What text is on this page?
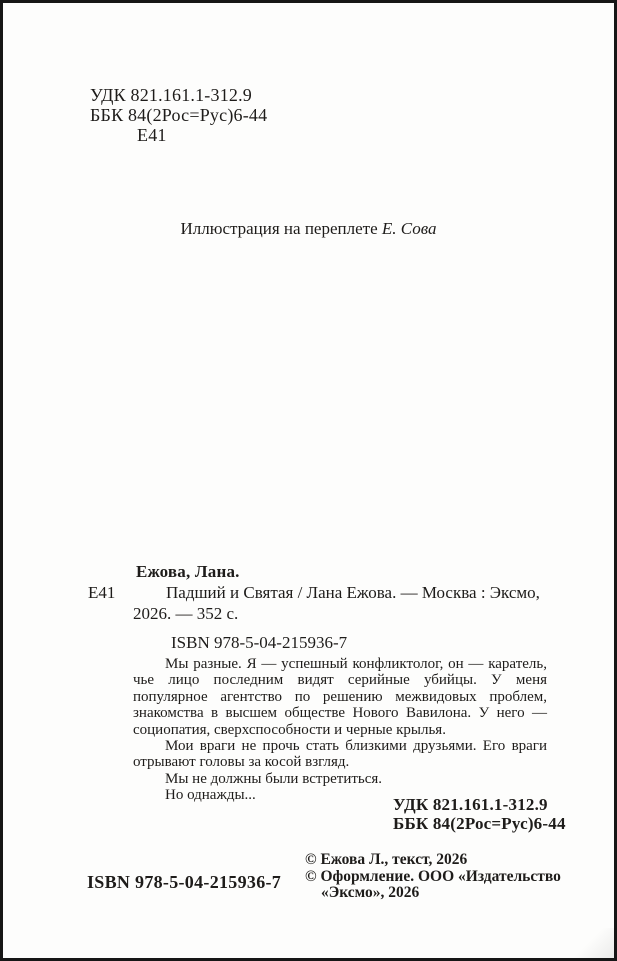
УДК 821.161.1-312.9
ББК 84(2Рос=Рус)6-44
Е41
Иллюстрация на переплете Е. Сова
Ежова, Лана.
Е41	Падший и Святая / Лана Ежова. — Москва : Эксмо, 2026. — 352 с.
ISBN 978-5-04-215936-7

Мы разные. Я — успешный конфликтолог, он — каратель, чье лицо последним видят серийные убийцы. У меня популярное агентство по решению межвидовых проблем, знакомства в высшем обществе Нового Вавилона. У него — социопатия, сверхспособности и черные крылья.

Мои враги не прочь стать близкими друзьями. Его враги отрывают головы за косой взгляд.

Мы не должны были встретиться.

Но однажды...	УДК 821.161.1-312.9
ББК 84(2Рос=Рус)6-44
© Ежова Л., текст, 2026
© Оформление. ООО «Издательство
«Эксмо», 2026
ISBN 978-5-04-215936-7
